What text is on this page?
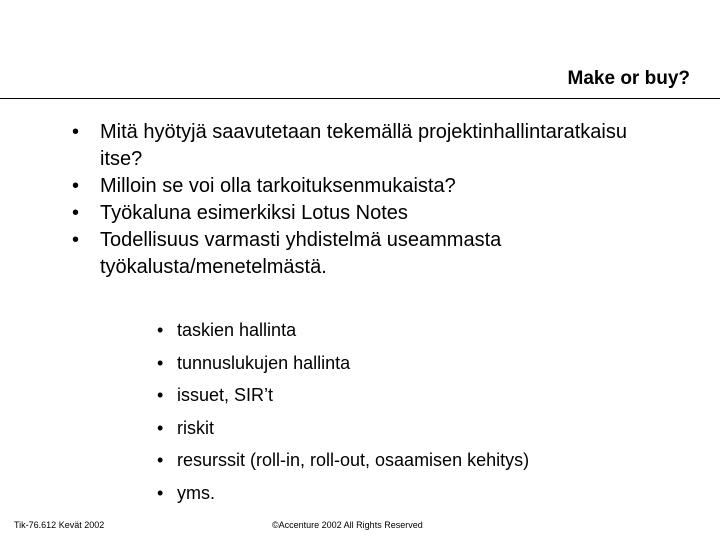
Make or buy?
•	Mitä hyötyjä saavutetaan tekemällä projektinhallintaratkaisu itse?
•	Milloin se voi olla tarkoituksenmukaista?
•	Työkaluna esimerkiksi Lotus Notes
•	Todellisuus varmasti yhdistelmä useammasta työkalusta/menetelmästä.
• taskien hallinta
• tunnuslukujen hallinta
• issuet, SIR’t
• riskit
• resurssit (roll-in, roll-out, osaamisen kehitys)
• yms.
Tik-76.612 Kevät 2002	©Accenture 2002 All Rights Reserved
